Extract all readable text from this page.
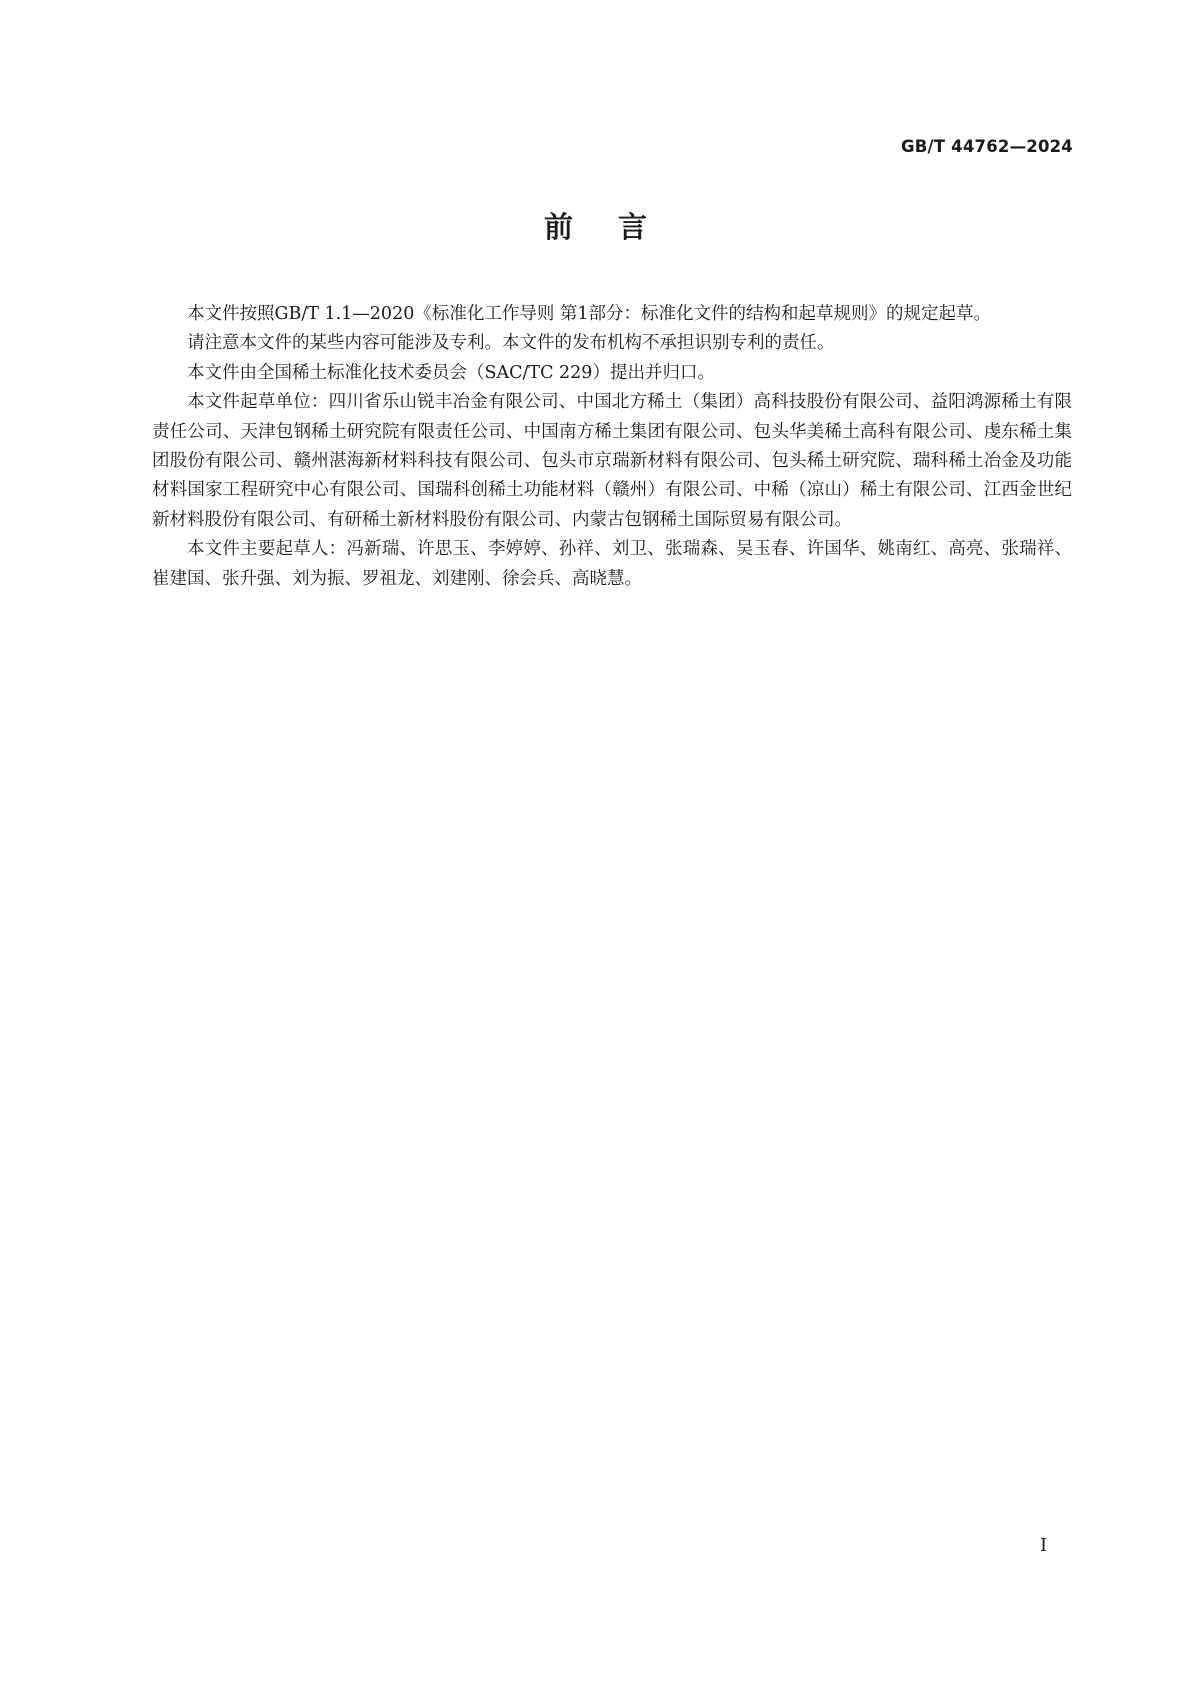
GB/T 44762—2024
前 言

本文件按照GB/T 1.1—2020《标准化工作导则 第1部分：标准化文件的结构和起草规则》的规定起草。

请注意本文件的某些内容可能涉及专利。本文件的发布机构不承担识别专利的责任。

本文件由全国稀土标准化技术委员会（SAC/TC 229）提出并归口。

本文件起草单位：四川省乐山锐丰冶金有限公司、中国北方稀土（集团）高科技股份有限公司、益阳鸿源稀土有限责任公司、天津包钢稀土研究院有限责任公司、中国南方稀土集团有限公司、包头华美稀土高科有限公司、虔东稀土集团股份有限公司、赣州湛海新材料科技有限公司、包头市京瑞新材料有限公司、包头稀土研究院、瑞科稀土冶金及功能材料国家工程研究中心有限公司、国瑞科创稀土功能材料（赣州）有限公司、中稀（凉山）稀土有限公司、江西金世纪新材料股份有限公司、有研稀土新材料股份有限公司、内蒙古包钢稀土国际贸易有限公司。

本文件主要起草人：冯新瑞、许思玉、李婷婷、孙祥、刘卫、张瑞森、吴玉春、许国华、姚南红、高亮、张瑞祥、崔建国、张升强、刘为振、罗祖龙、刘建刚、徐会兵、高晓慧。

I
